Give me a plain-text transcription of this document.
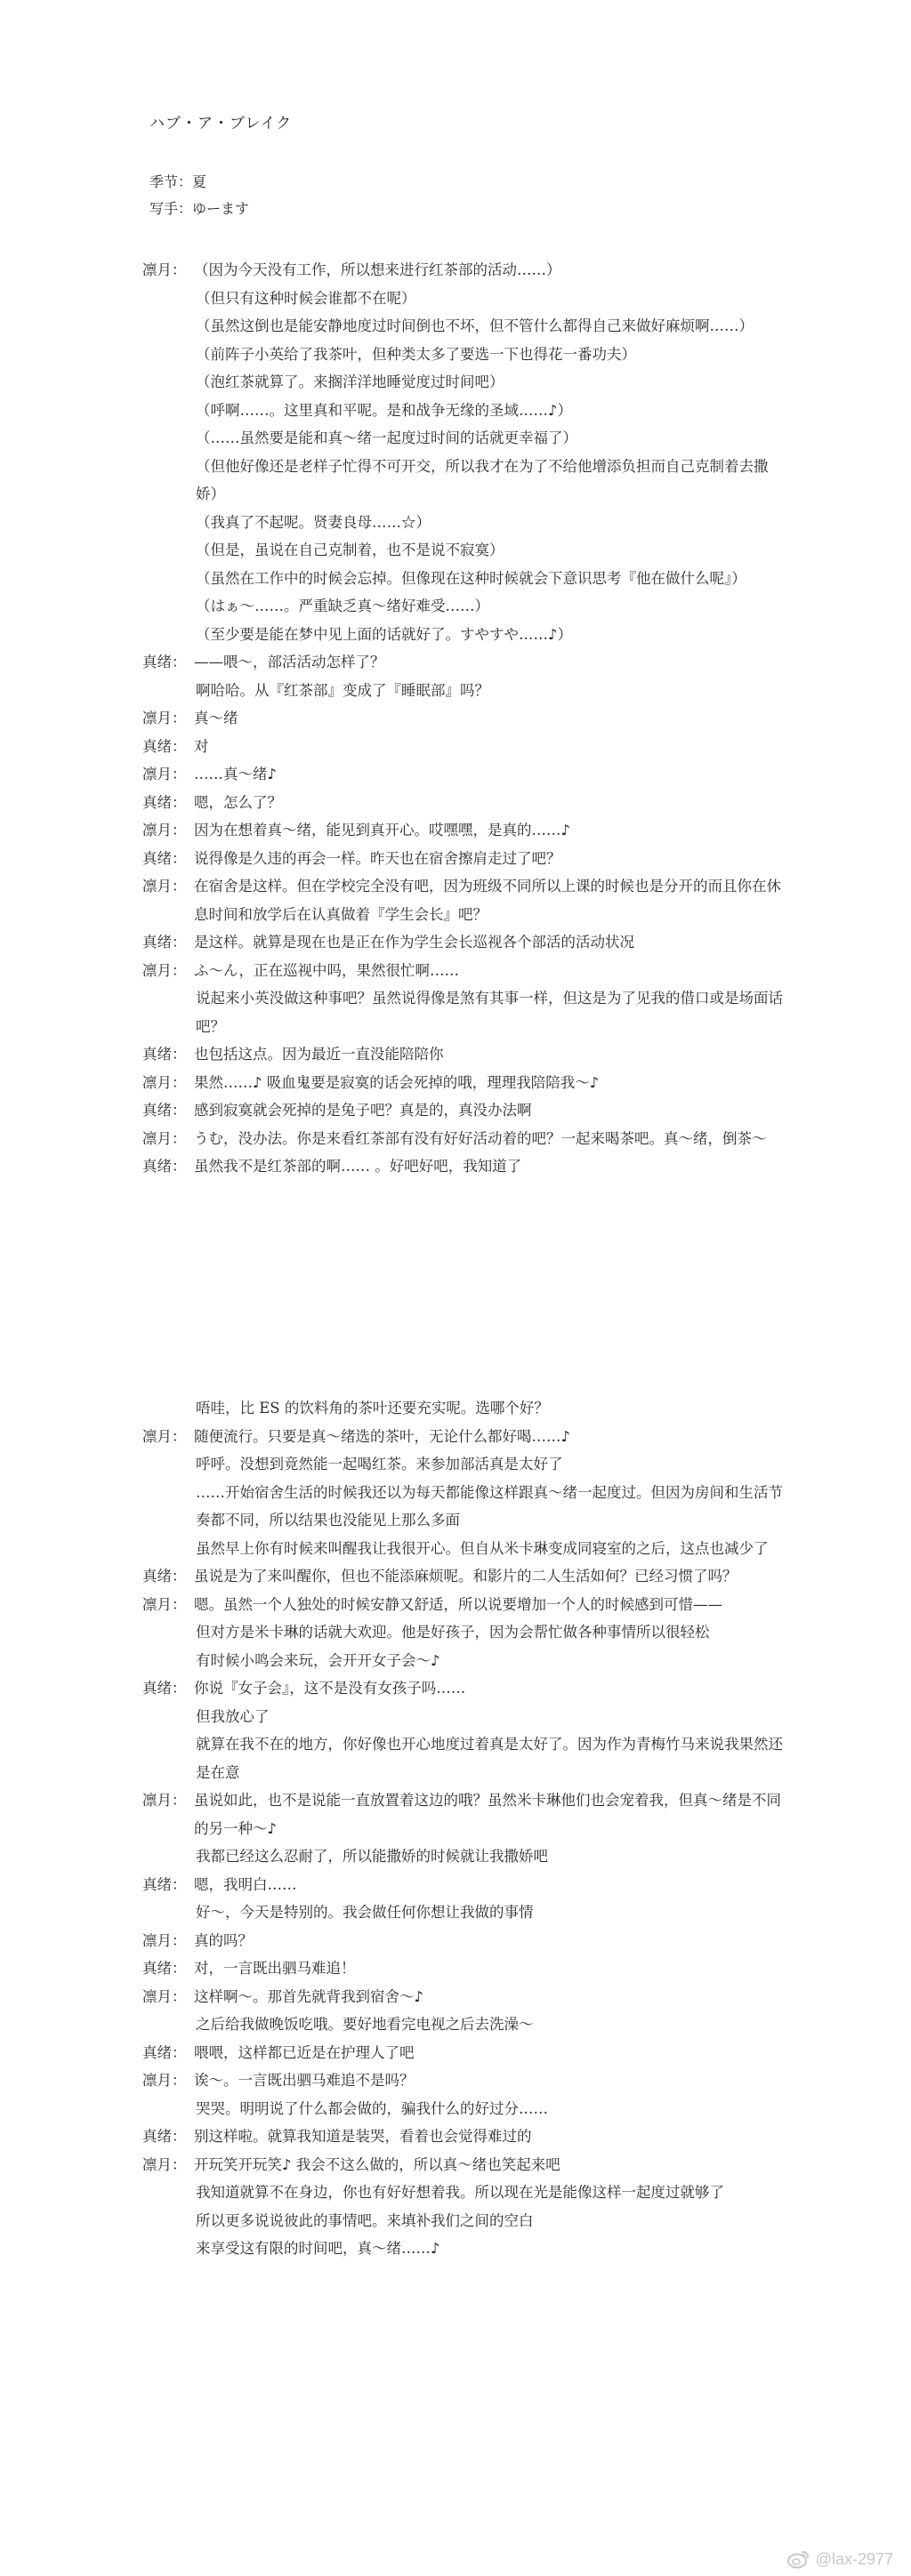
ハブ・ア・ブレイク
季节：夏
写手：ゆーます
凛月： （因为今天没有工作，所以想来进行红茶部的活动……）
（但只有这种时候会谁都不在呢）
（虽然这倒也是能安静地度过时间倒也不坏，但不管什么都得自己来做好麻烦啊……）
（前阵子小英给了我茶叶，但种类太多了要选一下也得花一番功夫）
（泡红茶就算了。来搁洋洋地睡觉度过时间吧）
（呼啊……。这里真和平呢。是和战争无缘的圣域……♪）
（……虽然要是能和真～绪一起度过时间的话就更幸福了）
（但他好像还是老样子忙得不可开交，所以我才在为了不给他增添负担而自己克制着去撒娇）
（我真了不起呢。贤妻良母……☆）
（但是，虽说在自己克制着，也不是说不寂寞）
（虽然在工作中的时候会忘掉。但像现在这种时候就会下意识思考『他在做什么呢』）
（はぁ～……。严重缺乏真～绪好难受……）
（至少要是能在梦中见上面的话就好了。すやすや……♪）
真绪： ——喂～，部活活动怎样了？
啊哈哈。从『红茶部』变成了『睡眠部』吗？
凛月： 真～绪
真绪： 对
凛月： ……真～绪♪
真绪： 嗯，怎么了？
凛月： 因为在想着真～绪，能见到真开心。哎嘿嘿，是真的……♪
真绪： 说得像是久违的再会一样。昨天也在宿舍擦肩走过了吧？
凛月： 在宿舍是这样。但在学校完全没有吧，因为班级不同所以上课的时候也是分开的而且你在休息时间和放学后在认真做着『学生会长』吧？
真绪： 是这样。就算是现在也是正在作为学生会长巡视各个部活的活动状况
凛月： ふ～ん，正在巡视中吗，果然很忙啊……
说起来小英没做这种事吧？虽然说得像是煞有其事一样，但这是为了见我的借口或是场面话吧？
真绪： 也包括这点。因为最近一直没能陪陪你
凛月： 果然……♪ 吸血鬼要是寂寞的话会死掉的哦，理理我陪陪我～♪
真绪： 感到寂寞就会死掉的是兔子吧？真是的，真没办法啊
凛月： うむ，没办法。你是来看红茶部有没有好好活动着的吧？一起来喝茶吧。真～绪，倒茶～
真绪： 虽然我不是红茶部的啊…… 。好吧好吧，我知道了
唔哇，比 ES 的饮料角的茶叶还要充实呢。选哪个好？
凛月： 随便流行。只要是真～绪选的茶叶，无论什么都好喝……♪
呼呼。没想到竟然能一起喝红茶。来参加部活真是太好了
……开始宿舍生活的时候我还以为每天都能像这样跟真～绪一起度过。但因为房间和生活节奏都不同，所以结果也没能见上那么多面
虽然早上你有时候来叫醒我让我很开心。但自从米卡琳变成同寝室的之后，这点也减少了
真绪： 虽说是为了来叫醒你，但也不能添麻烦呢。和影片的二人生活如何？已经习惯了吗？
凛月： 嗯。虽然一个人独处的时候安静又舒适，所以说要增加一个人的时候感到可惜——
但对方是米卡琳的话就大欢迎。他是好孩子，因为会帮忙做各种事情所以很轻松
有时候小鸣会来玩，会开开女子会～♪
真绪： 你说『女子会』，这不是没有女孩子吗……
但我放心了
就算在我不在的地方，你好像也开心地度过着真是太好了。因为作为青梅竹马来说我果然还是在意
凛月： 虽说如此，也不是说能一直放置着这边的哦？虽然米卡琳他们也会宠着我，但真～绪是不同的另一种～♪
我都已经这么忍耐了，所以能撒娇的时候就让我撒娇吧
真绪： 嗯，我明白……
好～，今天是特别的。我会做任何你想让我做的事情
凛月： 真的吗？
真绪： 对，一言既出驷马难追！
凛月： 这样啊～。那首先就背我到宿舍～♪
之后给我做晚饭吃哦。要好地看完电视之后去洗澡～
真绪： 喂喂，这样都已近是在护理人了吧
凛月： 诶～。一言既出驷马难追不是吗？
哭哭。明明说了什么都会做的，骗我什么的好过分……
真绪： 别这样啦。就算我知道是装哭，看着也会觉得难过的
凛月： 开玩笑开玩笑♪ 我会不这么做的，所以真～绪也笑起来吧
我知道就算不在身边，你也有好好想着我。所以现在光是能像这样一起度过就够了
所以更多说说彼此的事情吧。来填补我们之间的空白
来享受这有限的时间吧，真～绪……♪
@lax-2977
